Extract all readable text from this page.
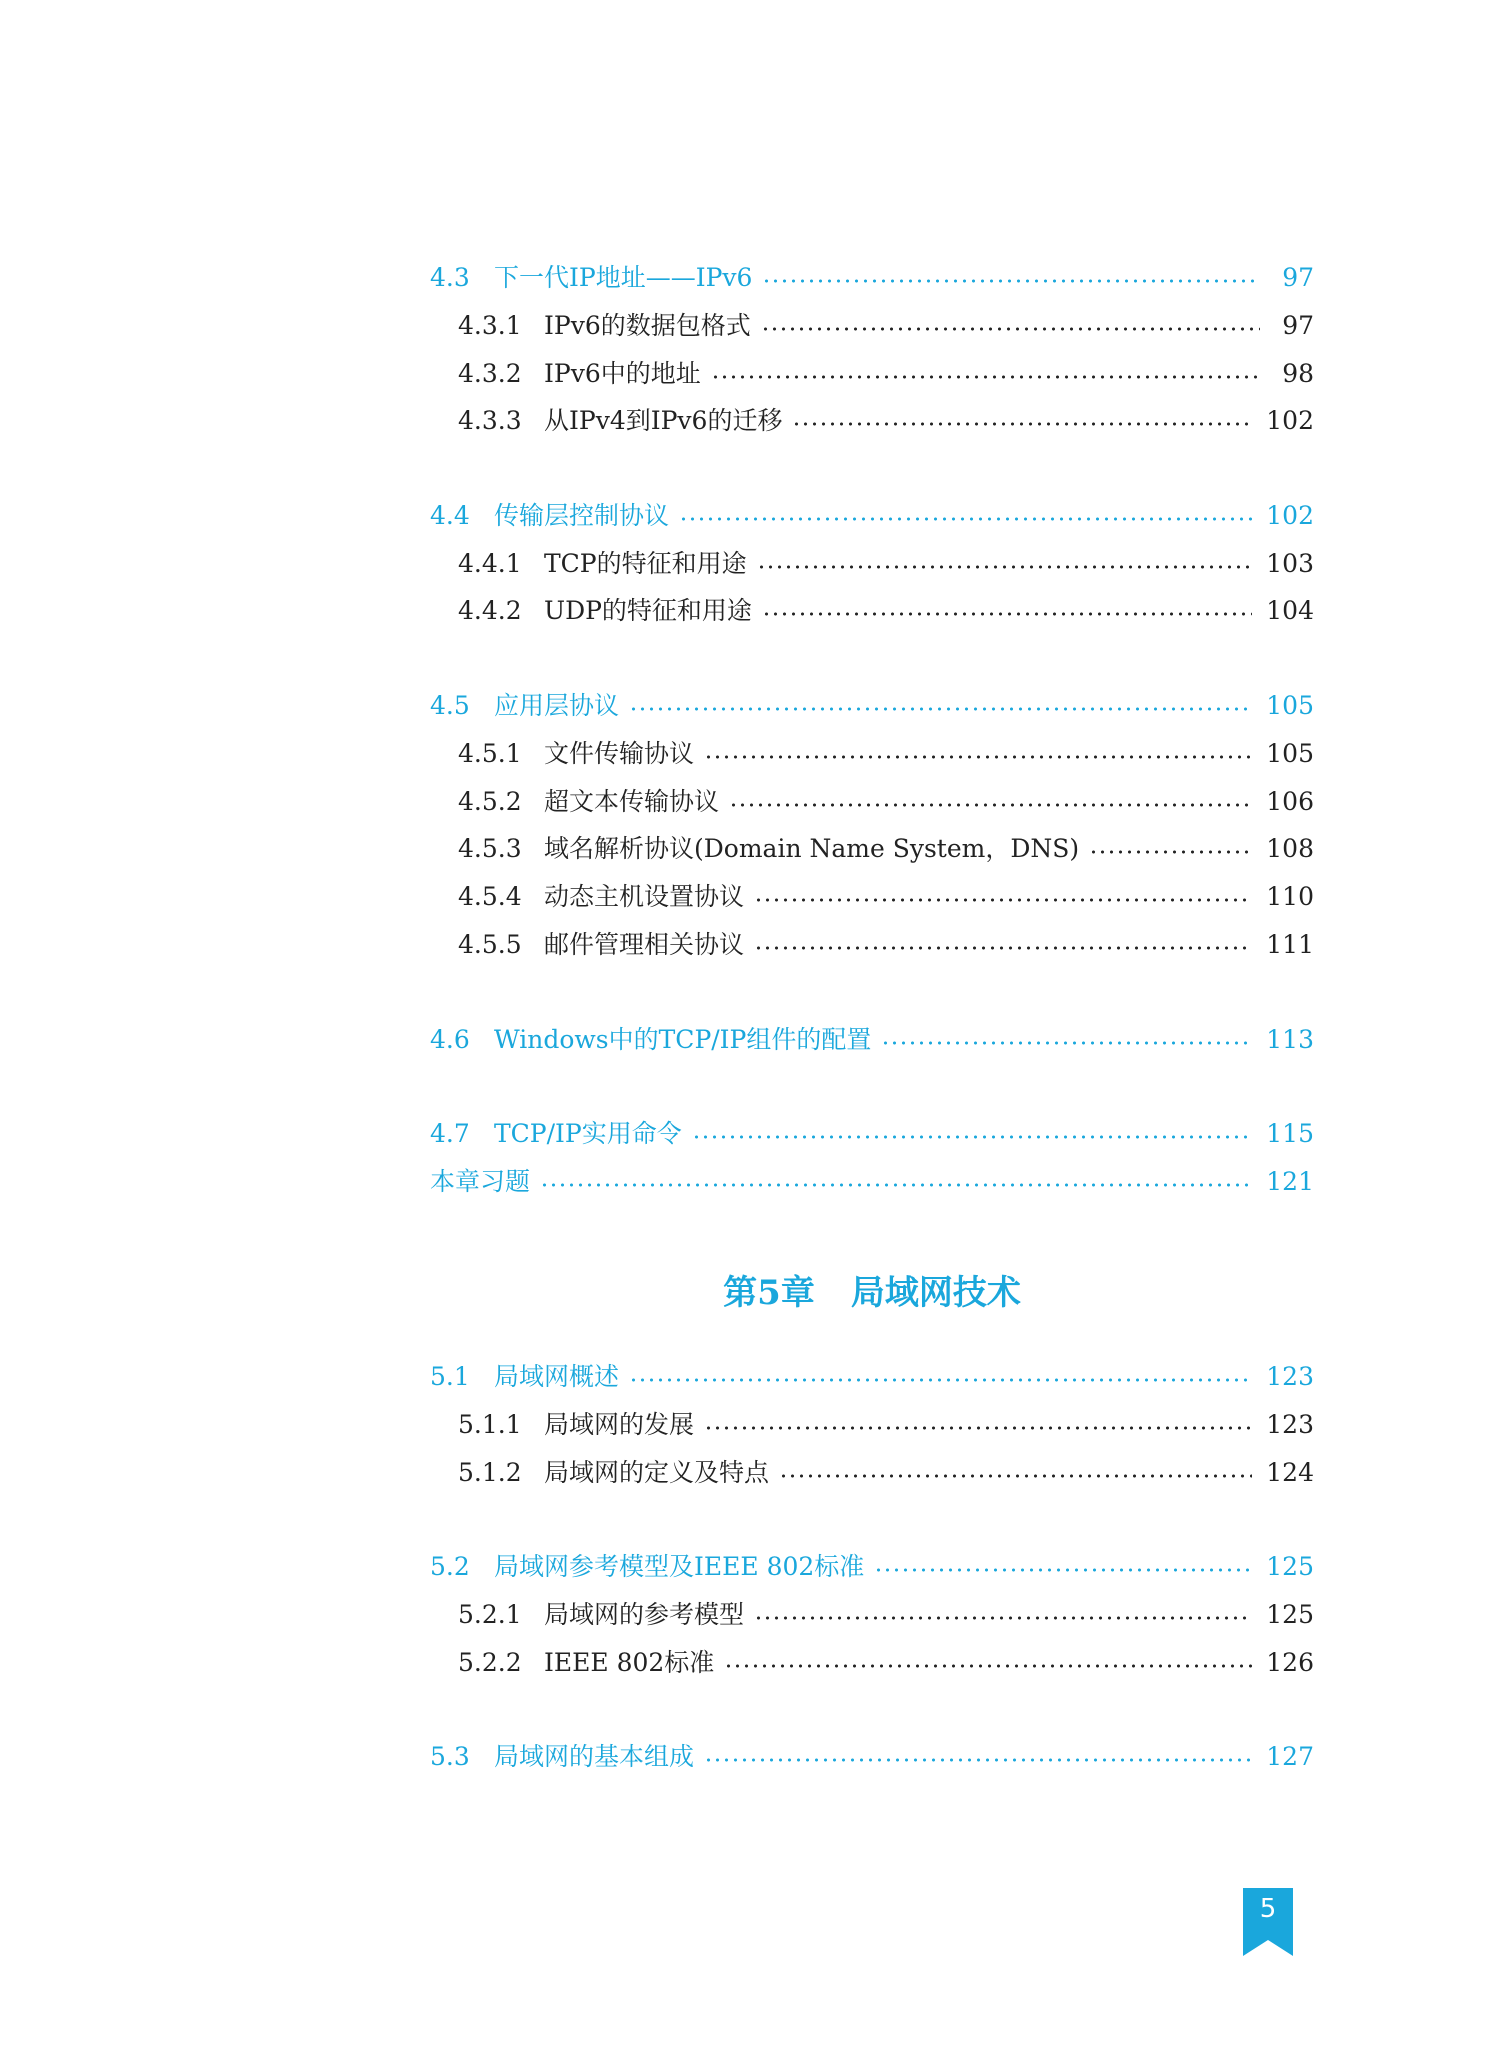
第5章 局域网技术
4.3 下一代IP地址——IPv6	97
4.3.1 IPv6的数据包格式	97
4.3.2 IPv6中的地址	98
4.3.3 从IPv4到IPv6的迁移	102
4.4 传输层控制协议	102
4.4.1 TCP的特征和用途	103
4.4.2 UDP的特征和用途	104
4.5 应用层协议	105
4.5.1 文件传输协议	105
4.5.2 超文本传输协议	106
4.5.3 域名解析协议(Domain Name System，DNS)	108
4.5.4 动态主机设置协议	110
4.5.5 邮件管理相关协议	111
4.6 Windows中的TCP/IP组件的配置	113
4.7 TCP/IP实用命令	115
本章习题	121
5.1 局域网概述	123
5.1.1 局域网的发展	123
5.1.2 局域网的定义及特点	124
5.2 局域网参考模型及IEEE 802标准	125
5.2.1 局域网的参考模型	125
5.2.2 IEEE 802标准	126
5.3 局域网的基本组成	127
5
